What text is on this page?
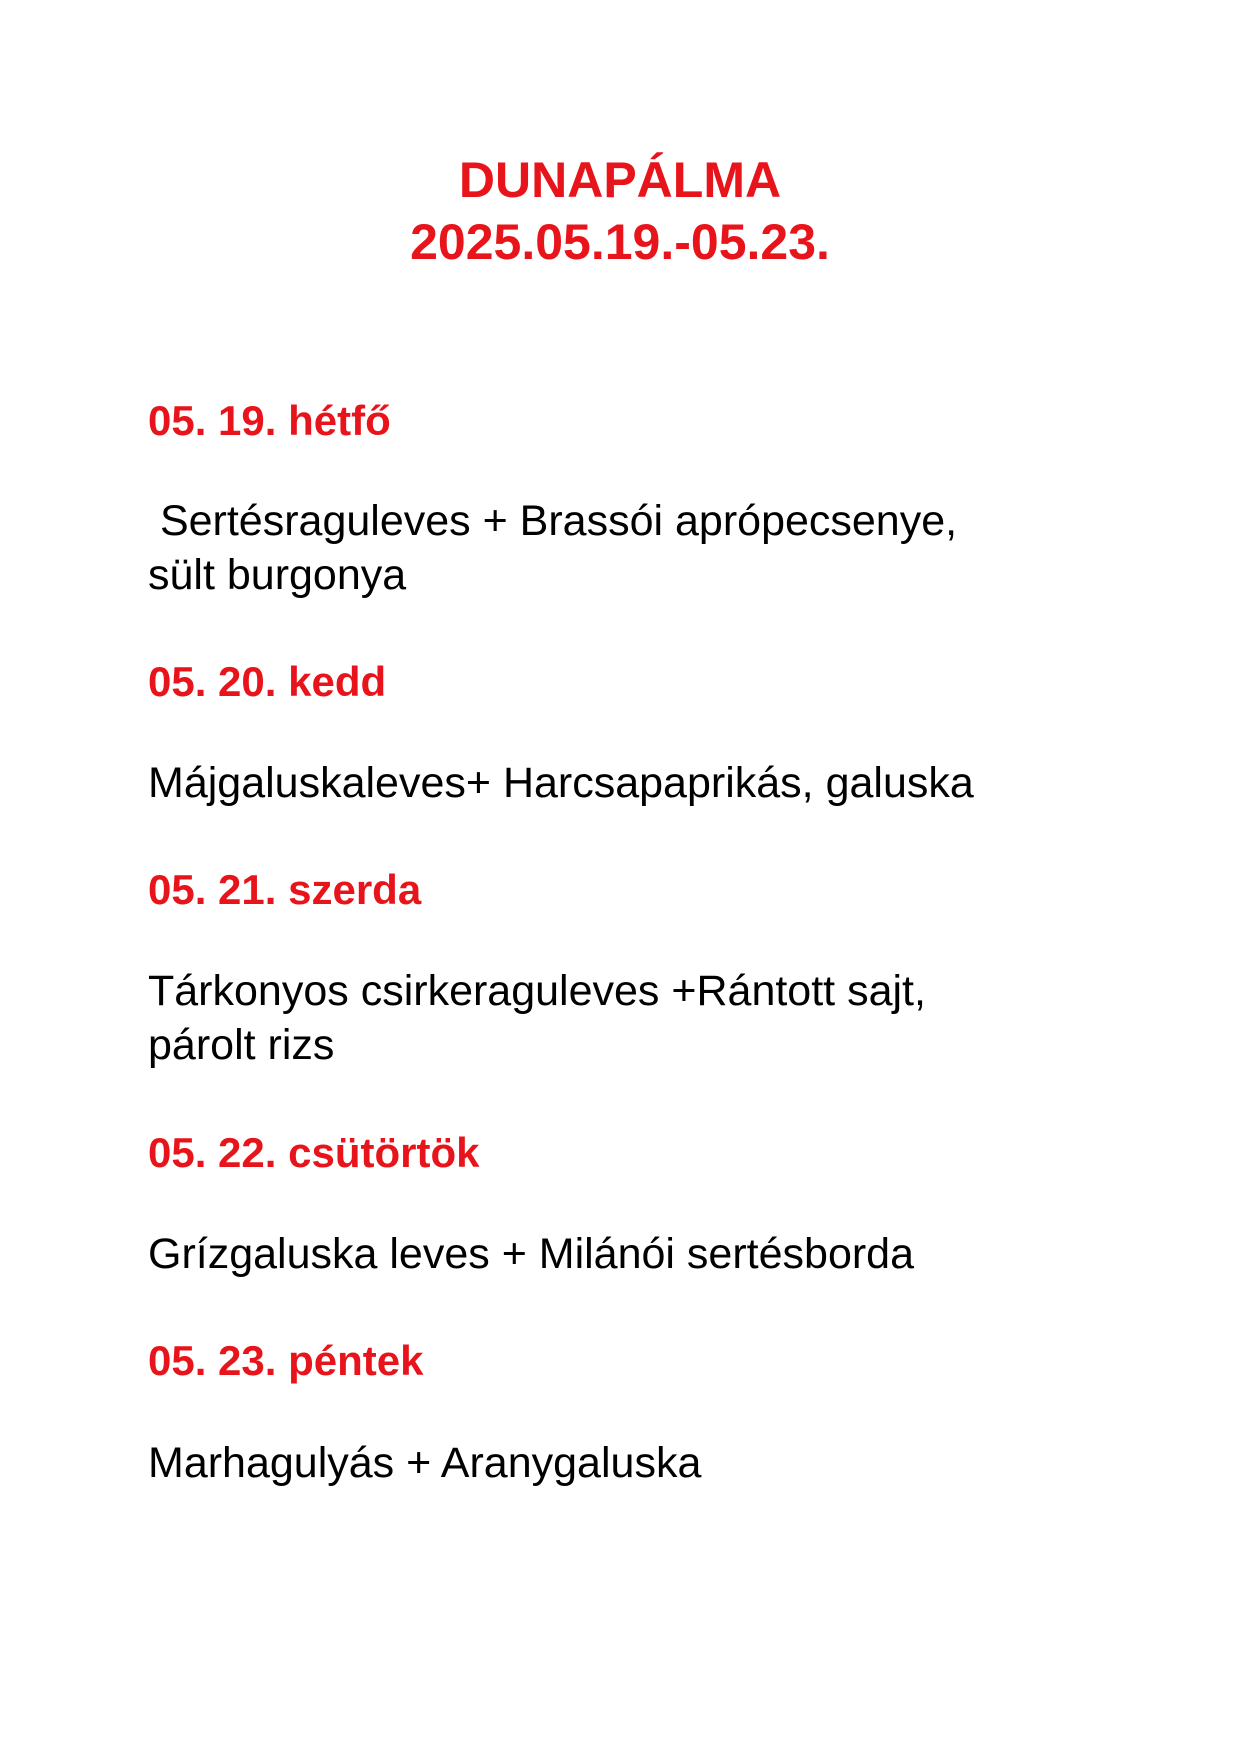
DUNAPÁLMA
2025.05.19.-05.23.
05. 19. hétfő
Sertésraguleves + Brassói aprópecsenye,
sült burgonya
05. 20. kedd
Májgaluskaleves+ Harcsapaprikás, galuska
05. 21. szerda
Tárkonyos csirkeraguleves +Rántott sajt,
párolt rizs
05. 22. csütörtök
Grízgaluska leves + Milánói sertésborda
05. 23. péntek
Marhagulyás + Aranygaluska
